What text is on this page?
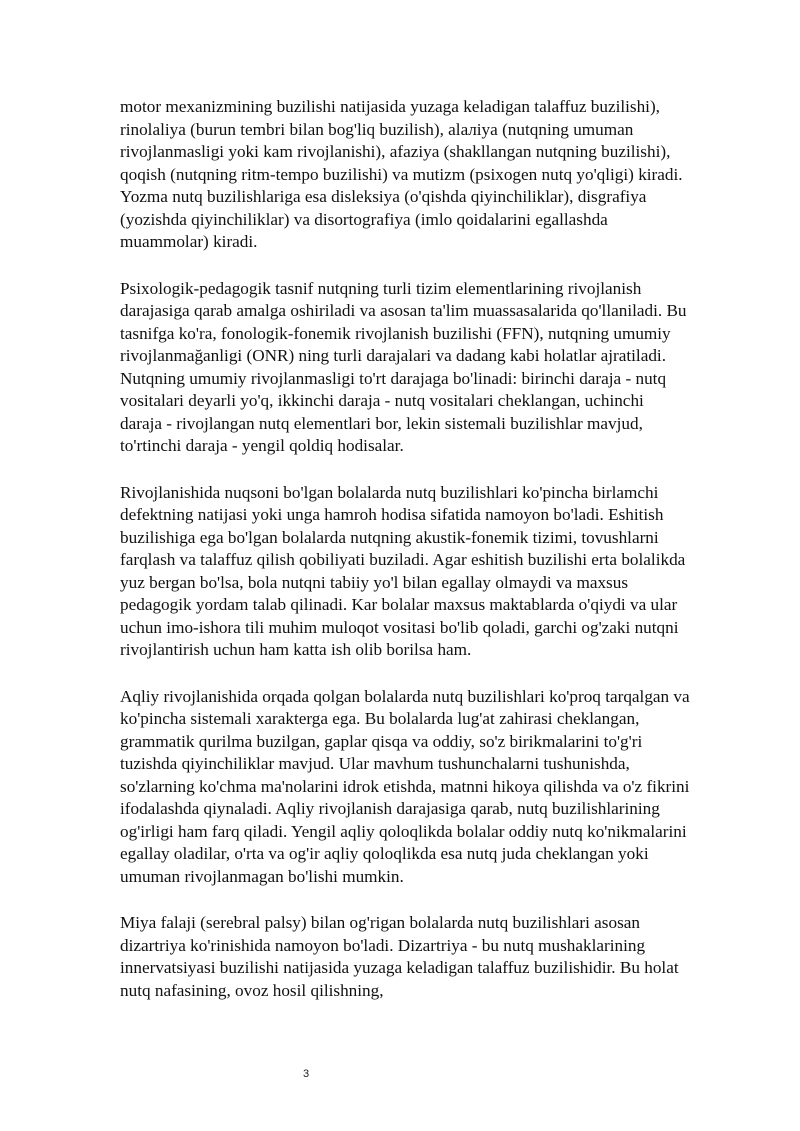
motor mexanizmining buzilishi natijasida yuzaga keladigan talaffuz buzilishi), rinolaliya (burun tembri bilan bog'liq buzilish), alaлiya (nutqning umuman rivojlanmasligi yoki kam rivojlanishi), afaziya (shakllangan nutqning buzilishi), qoqish (nutqning ritm-tempo buzilishi) va mutizm (psixogen nutq yo'qligi) kiradi. Yozma nutq buzilishlariga esa disleksiya (o'qishda qiyinchiliklar), disgrafiya (yozishda qiyinchiliklar) va disortografiya (imlo qoidalarini egallashda muammolar) kiradi.

Psixologik-pedagogik tasnif nutqning turli tizim elementlarining rivojlanish darajasiga qarab amalga oshiriladi va asosan ta'lim muassasalarida qo'llaniladi. Bu tasnifga ko'ra, fonologik-fonemik rivojlanish buzilishi (FFN), nutqning umumiy rivojlanmağanligi (ONR) ning turli darajalari va dadang kabi holatlar ajratiladi. Nutqning umumiy rivojlanmasligi to'rt darajaga bo'linadi: birinchi daraja - nutq vositalari deyarli yo'q, ikkinchi daraja - nutq vositalari cheklangan, uchinchi daraja - rivojlangan nutq elementlari bor, lekin sistemali buzilishlar mavjud, to'rtinchi daraja - yengil qoldiq hodisalar.

Rivojlanishida nuqsoni bo'lgan bolalarda nutq buzilishlari ko'pincha birlamchi defektning natijasi yoki unga hamroh hodisa sifatida namoyon bo'ladi. Eshitish buzilishiga ega bo'lgan bolalarda nutqning akustik-fonemik tizimi, tovushlarni farqlash va talaffuz qilish qobiliyati buziladi. Agar eshitish buzilishi erta bolalikda yuz bergan bo'lsa, bola nutqni tabiiy yo'l bilan egallay olmaydi va maxsus pedagogik yordam talab qilinadi. Kar bolalar maxsus maktablarda o'qiydi va ular uchun imo-ishora tili muhim muloqot vositasi bo'lib qoladi, garchi og'zaki nutqni rivojlantirish uchun ham katta ish olib borilsa ham.

Aqliy rivojlanishida orqada qolgan bolalarda nutq buzilishlari ko'proq tarqalgan va ko'pincha sistemali xarakterga ega. Bu bolalarda lug'at zahirasi cheklangan, grammatik qurilma buzilgan, gaplar qisqa va oddiy, so'z birikmalarini to'g'ri tuzishda qiyinchiliklar mavjud. Ular mavhum tushunchalarni tushunishda, so'zlarning ko'chma ma'nolarini idrok etishda, matnni hikoya qilishda va o'z fikrini ifodalashda qiynaladi. Aqliy rivojlanish darajasiga qarab, nutq buzilishlarining og'irligi ham farq qiladi. Yengil aqliy qoloqlikda bolalar oddiy nutq ko'nikmalarini egallay oladilar, o'rta va og'ir aqliy qoloqlikda esa nutq juda cheklangan yoki umuman rivojlanmagan bo'lishi mumkin.

Miya falaji (serebral palsy) bilan og'rigan bolalarda nutq buzilishlari asosan dizartriya ko'rinishida namoyon bo'ladi. Dizartriya - bu nutq mushaklarining innervatsiyasi buzilishi natijasida yuzaga keladigan talaffuz buzilishidir. Bu holat nutq nafasining, ovoz hosil qilishning,

3
